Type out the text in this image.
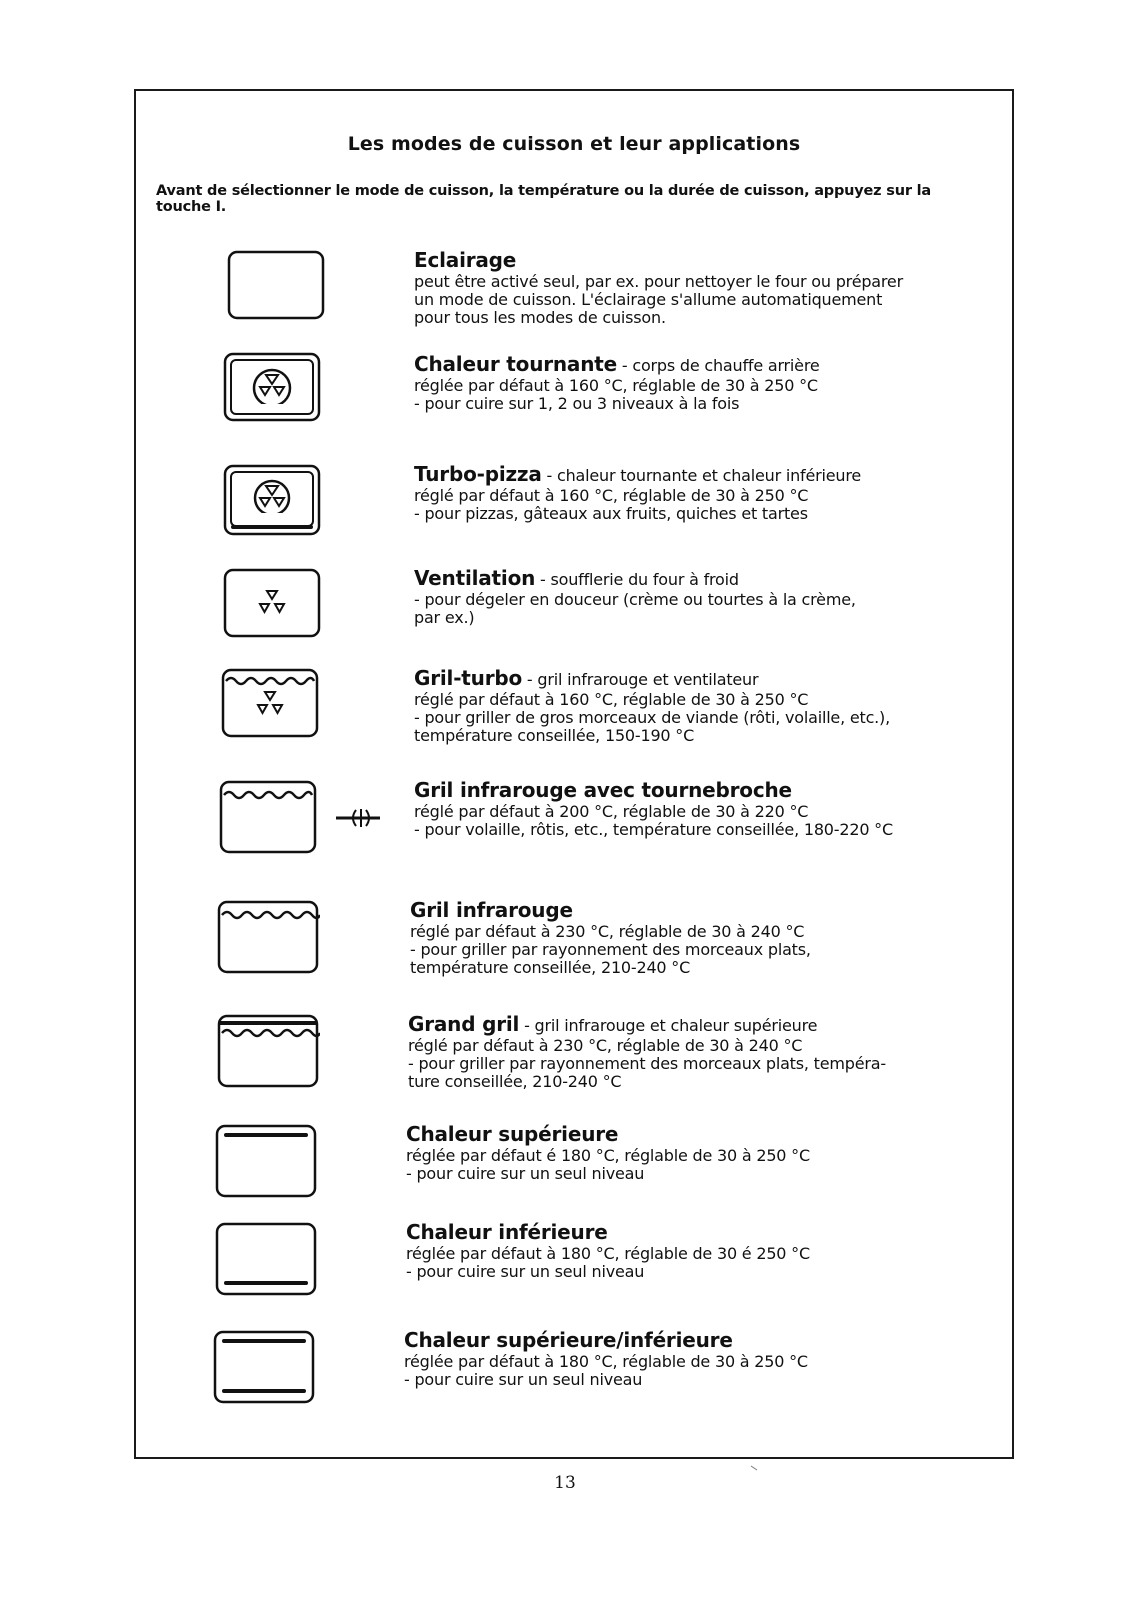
Les modes de cuisson et leur applications
Avant de sélectionner le mode de cuisson, la température ou la durée de cuisson, appuyez sur la touche I.
Eclairage
peut être activé seul, par ex. pour nettoyer le four ou préparer
un mode de cuisson. L'éclairage s'allume automatiquement
pour tous les modes de cuisson.
Chaleur tournante - corps de chauffe arrière
réglée par défaut à 160 °C, réglable de 30 à 250 °C
- pour cuire sur 1, 2 ou 3 niveaux à la fois
Turbo-pizza - chaleur tournante et chaleur inférieure
réglé par défaut à 160 °C, réglable de 30 à 250 °C
- pour pizzas, gâteaux aux fruits, quiches et tartes
Ventilation - soufflerie du four à froid
- pour dégeler en douceur (crème ou tourtes à la crème,
par ex.)
Gril-turbo - gril infrarouge et ventilateur
réglé par défaut à 160 °C, réglable de 30 à 250 °C
- pour griller de gros morceaux de viande (rôti, volaille, etc.),
température conseillée, 150-190 °C
Gril infrarouge avec tournebroche
réglé par défaut à 200 °C, réglable de 30 à 220 °C
- pour volaille, rôtis, etc., température conseillée, 180-220 °C
Gril infrarouge
réglé par défaut à 230 °C, réglable de 30 à 240 °C
- pour griller par rayonnement des morceaux plats,
température conseillée, 210-240 °C
Grand gril - gril infrarouge et chaleur supérieure
réglé par défaut à 230 °C, réglable de 30 à 240 °C
- pour griller par rayonnement des morceaux plats, tempéra-
ture conseillée, 210-240 °C
Chaleur supérieure
réglée par défaut é 180 °C, réglable de 30 à 250 °C
- pour cuire sur un seul niveau
Chaleur inférieure
réglée par défaut à 180 °C, réglable de 30 é 250 °C
- pour cuire sur un seul niveau
Chaleur supérieure/inférieure
réglée par défaut à 180 °C, réglable de 30 à 250 °C
- pour cuire sur un seul niveau
13
